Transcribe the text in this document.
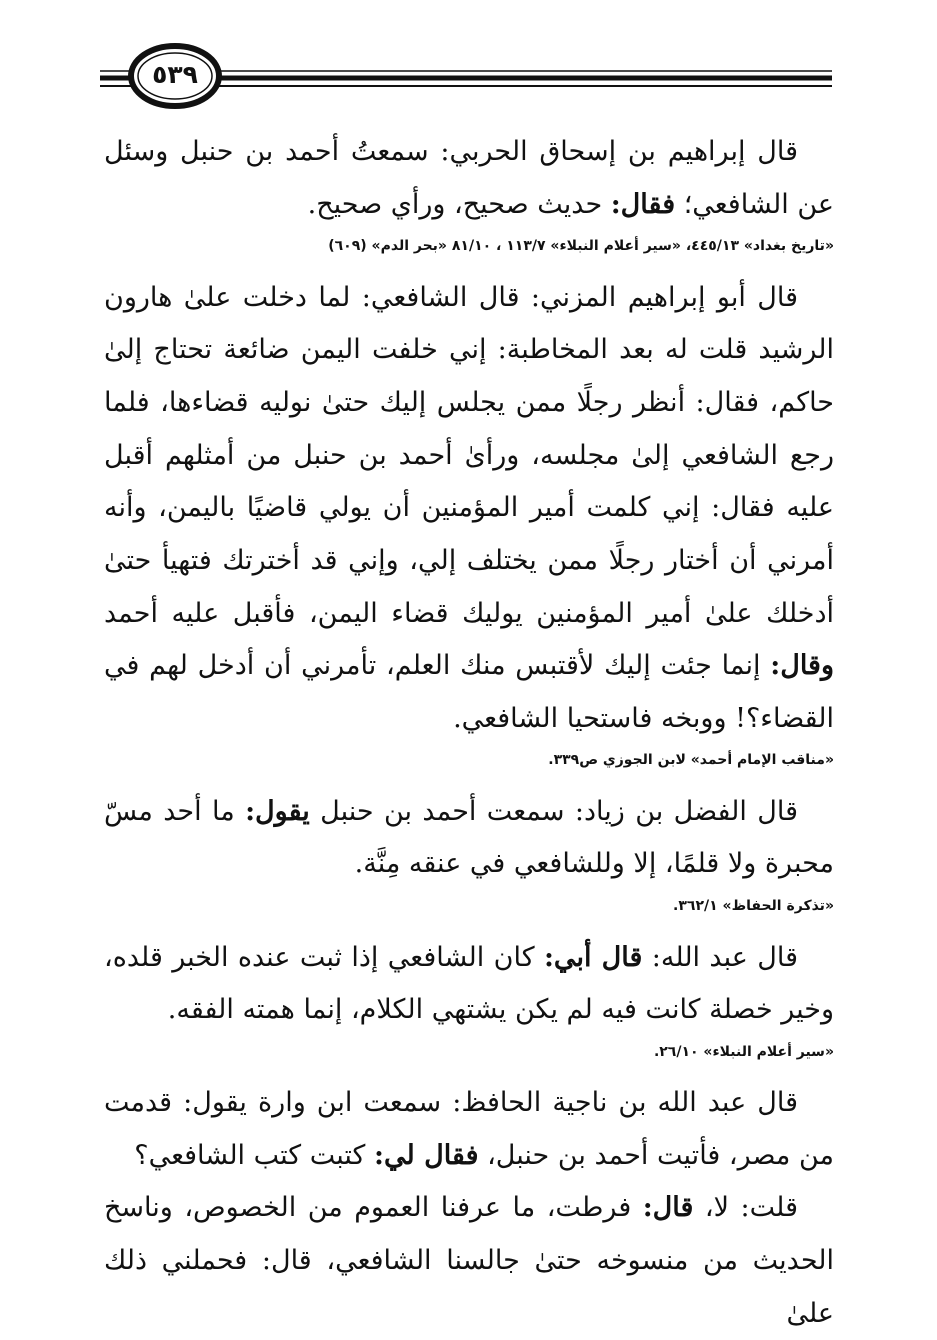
٥٣٩

قال إبراهيم بن إسحاق الحربي: سمعتُ أحمد بن حنبل وسئل عن الشافعي؛ فقال: حديث صحيح، ورأي صحيح.

«تاريخ بغداد» ٤٤٥/١٣، «سير أعلام النبلاء» ١١٣/٧ ، ٨١/١٠ «بحر الدم» (٦٠٩)

قال أبو إبراهيم المزني: قال الشافعي: لما دخلت علىٰ هارون الرشيد قلت له بعد المخاطبة: إني خلفت اليمن ضائعة تحتاج إلىٰ حاكم، فقال: أنظر رجلًا ممن يجلس إليك حتىٰ نوليه قضاءها، فلما رجع الشافعي إلىٰ مجلسه، ورأىٰ أحمد بن حنبل من أمثلهم أقبل عليه فقال: إني كلمت أمير المؤمنين أن يولي قاضيًا باليمن، وأنه أمرني أن أختار رجلًا ممن يختلف إلي، وإني قد أخترتك فتهيأ حتىٰ أدخلك علىٰ أمير المؤمنين يوليك قضاء اليمن، فأقبل عليه أحمد وقال: إنما جئت إليك لأقتبس منك العلم، تأمرني أن أدخل لهم في القضاء؟! ووبخه فاستحيا الشافعي.

«مناقب الإمام أحمد» لابن الجوزي ص٣٣٩.

قال الفضل بن زياد: سمعت أحمد بن حنبل يقول: ما أحد مسّ محبرة ولا قلمًا، إلا وللشافعي في عنقه مِنَّة.

«تذكرة الحفاظ» ٣٦٢/١.

قال عبد الله: قال أبي: كان الشافعي إذا ثبت عنده الخبر قلده، وخير خصلة كانت فيه لم يكن يشتهي الكلام، إنما همته الفقه.

«سير أعلام النبلاء» ٢٦/١٠.

قال عبد الله بن ناجية الحافظ: سمعت ابن وارة يقول: قدمت من مصر، فأتيت أحمد بن حنبل، فقال لي: كتبت كتب الشافعي؟

قلت: لا، قال: فرطت، ما عرفنا العموم من الخصوص، وناسخ الحديث من منسوخه حتىٰ جالسنا الشافعي، قال: فحملني ذلك علىٰ
